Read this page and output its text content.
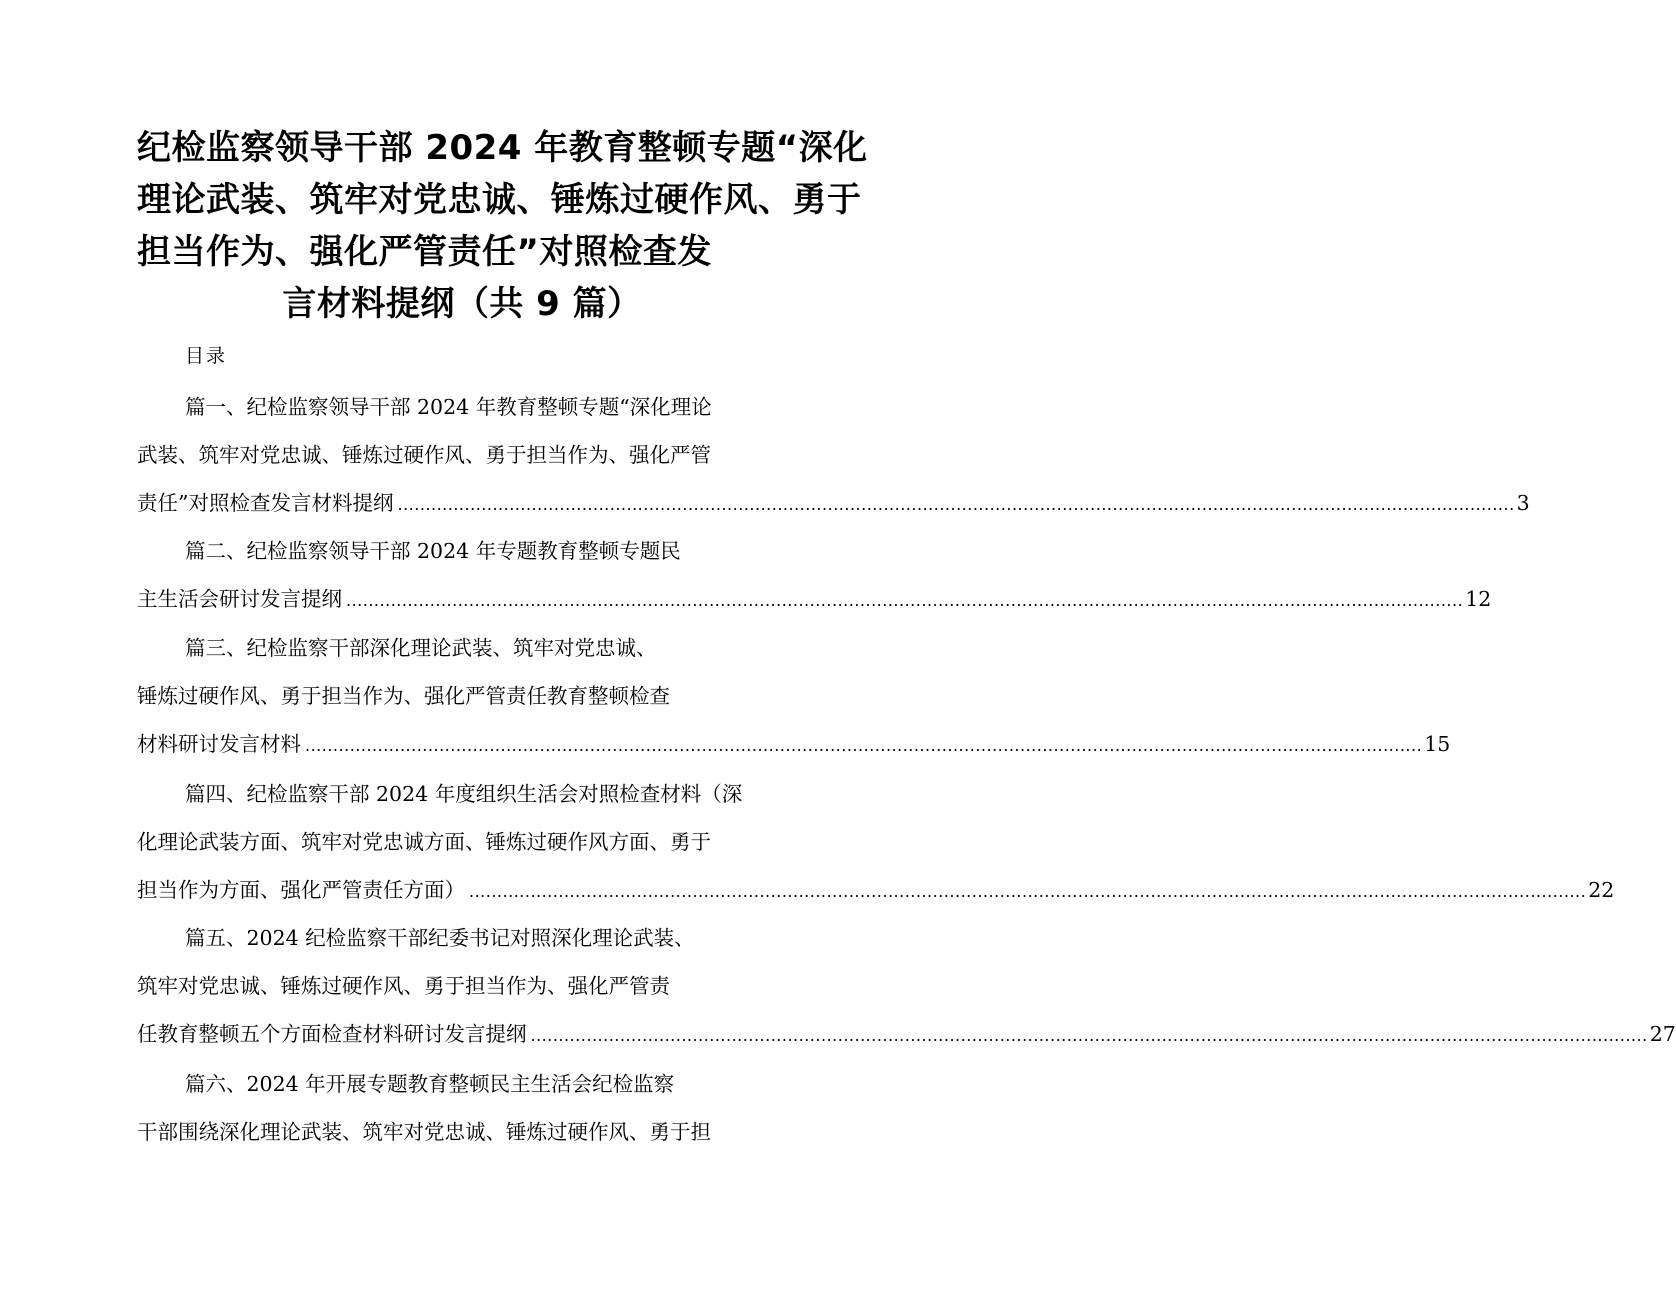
纪检监察领导干部 2024 年教育整顿专题“深化
理论武装、筑牢对党忠诚、锤炼过硬作风、勇于
担当作为、强化严管责任”对照检查发
言材料提纲（共 9 篇）
目录
篇一、纪检监察领导干部 2024 年教育整顿专题“深化理论
武装、筑牢对党忠诚、锤炼过硬作风、勇于担当作为、强化严管
责任”对照检查发言材料提纲 ........................................................................................................................................................................................................ 3
篇二、纪检监察领导干部 2024 年专题教育整顿专题民
主生活会研讨发言提纲 ........................................................................................................................................................................................................ 12
篇三、纪检监察干部深化理论武装、筑牢对党忠诚、
锤炼过硬作风、勇于担当作为、强化严管责任教育整顿检查
材料研讨发言材料 ........................................................................................................................................................................................................ 15
篇四、纪检监察干部 2024 年度组织生活会对照检查材料（深
化理论武装方面、筑牢对党忠诚方面、锤炼过硬作风方面、勇于
担当作为方面、强化严管责任方面） ........................................................................................................................................................................................................ 22
篇五、2024 纪检监察干部纪委书记对照深化理论武装、
筑牢对党忠诚、锤炼过硬作风、勇于担当作为、强化严管责
任教育整顿五个方面检查材料研讨发言提纲 ........................................................................................................................................................................................................ 27
篇六、2024 年开展专题教育整顿民主生活会纪检监察
干部围绕深化理论武装、筑牢对党忠诚、锤炼过硬作风、勇于担
